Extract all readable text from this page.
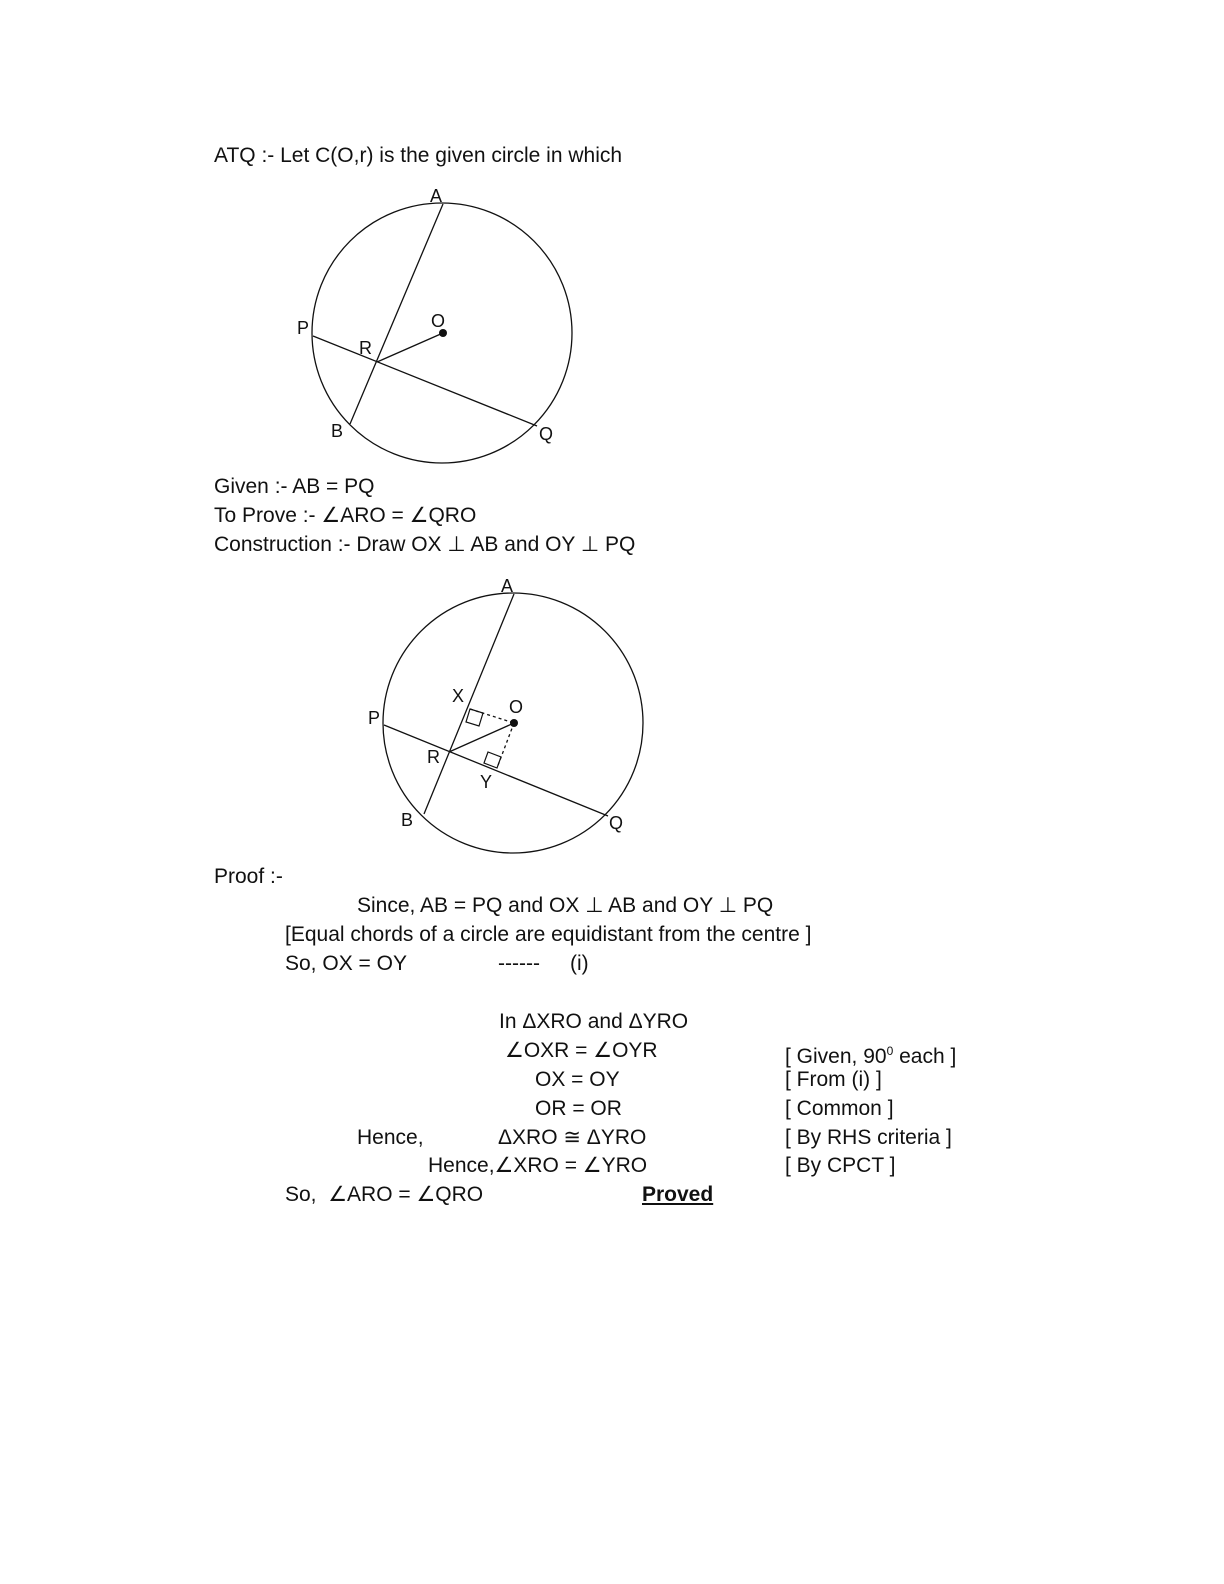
A
P	O
R
B	Q
A
P
X
O
R
Y
B	Q
ATQ :- Let C(O,r) is the given circle in which
Given :- AB = PQ
To Prove :- ∠ARO = ∠QRO
Construction :- Draw OX ⊥ AB and OY ⊥ PQ
Proof :-
Since, AB = PQ and OX ⊥ AB and OY ⊥ PQ
[Equal chords of a circle are equidistant from the centre ]
So, OX = OY	------ (i)
In ΔXRO and ΔYRO
∠OXR = ∠OYR	[ Given, $90^0$ each ]
OX = OY	[ From (i) ]
OR = OR	[ Common ]
Hence,	ΔXRO ≅ ΔYRO	[ By RHS criteria ]
Hence,∠XRO = ∠YRO	[ By CPCT ]
So,  ∠ARO = ∠QRO	Proved
